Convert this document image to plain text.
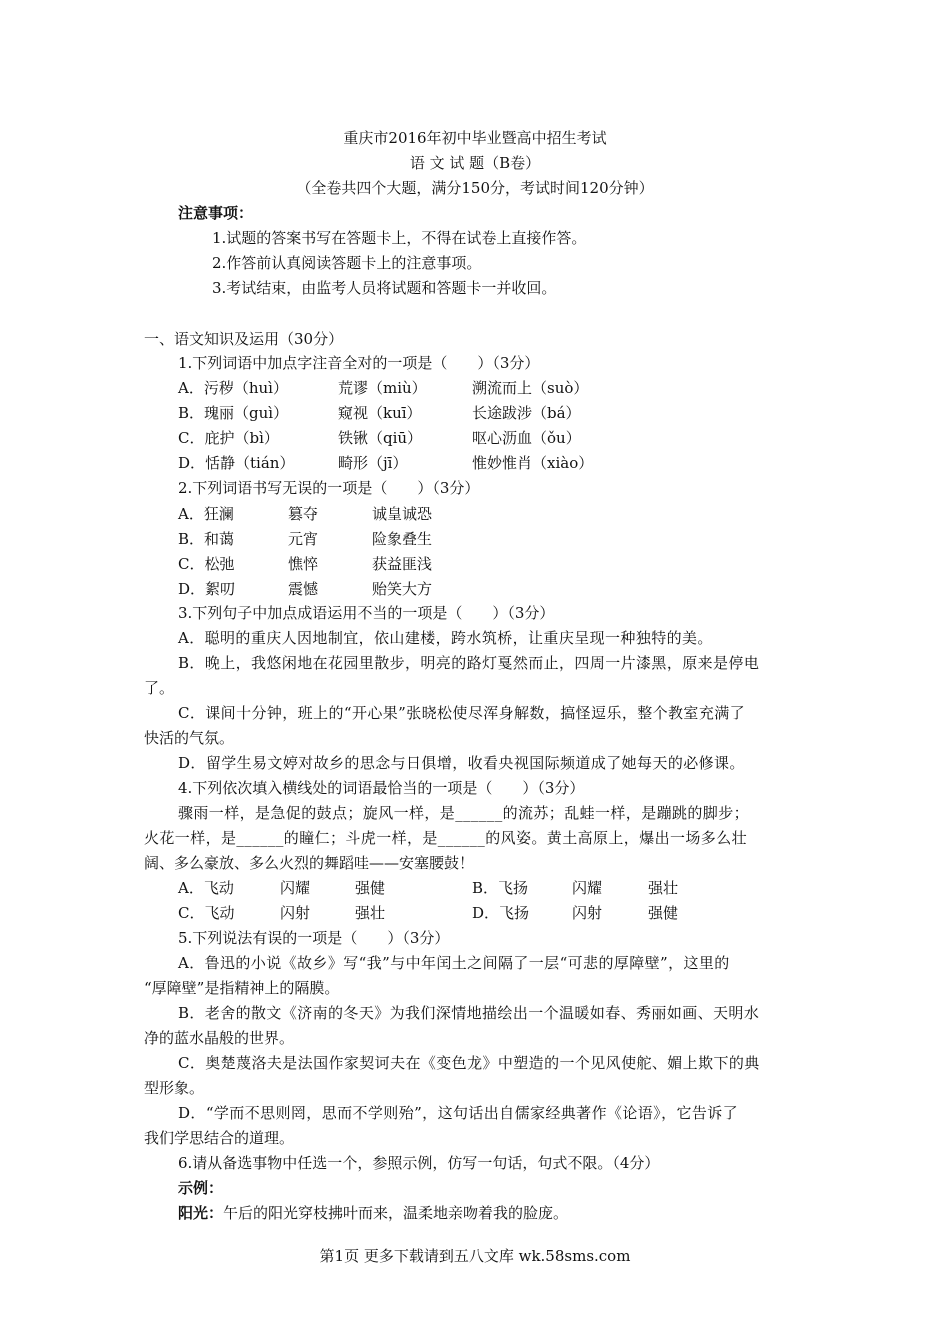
重庆市2016年初中毕业暨高中招生考试
语 文 试 题（B卷）
（全卷共四个大题，满分150分，考试时间120分钟）
注意事项：
1.试题的答案书写在答题卡上，不得在试卷上直接作答。
2.作答前认真阅读答题卡上的注意事项。
3.考试结束，由监考人员将试题和答题卡一并收回。
一、语文知识及运用（30分）
1.下列词语中加点字注音全对的一项是（　　）（3分）
A．污秽（huì）	荒谬（miù）	溯流而上（suò）
B．瑰丽（guì）	窥视（kuī）	长途跋涉（bá）
C．庇护（bì）	铁锹（qiū）	呕心沥血（ǒu）
D．恬静（tián）	畸形（jī）	惟妙惟肖（xiào）
2.下列词语书写无误的一项是（　　）（3分）
A．狂澜	篡夺	诚皇诚恐
B．和蔼	元宵	险象叠生
C．松弛	憔悴	获益匪浅
D．絮叨	震憾	贻笑大方
3.下列句子中加点成语运用不当的一项是（　　）（3分）
A．聪明的重庆人因地制宜，依山建楼，跨水筑桥，让重庆呈现一种独特的美。
B．晚上，我悠闲地在花园里散步，明亮的路灯戛然而止，四周一片漆黑，原来是停电
了。
C．课间十分钟，班上的“开心果”张晓松使尽浑身解数，搞怪逗乐，整个教室充满了
快活的气氛。
D．留学生易文婷对故乡的思念与日俱增，收看央视国际频道成了她每天的必修课。
4.下列依次填入横线处的词语最恰当的一项是（　　）（3分）
骤雨一样，是急促的鼓点；旋风一样，是______的流苏；乱蛙一样，是蹦跳的脚步；
火花一样，是______的瞳仁；斗虎一样，是______的风姿。黄土高原上，爆出一场多么壮
阔、多么豪放、多么火烈的舞蹈哇——安塞腰鼓！
A．飞动	闪耀	强健	B．飞扬	闪耀	强壮
C．飞动	闪射	强壮	D．飞扬	闪射	强健
5.下列说法有误的一项是（　　）（3分）
A．鲁迅的小说《故乡》写“我”与中年闰土之间隔了一层“可悲的厚障壁”，这里的
“厚障壁”是指精神上的隔膜。
B．老舍的散文《济南的冬天》为我们深情地描绘出一个温暖如春、秀丽如画、天明水
净的蓝水晶般的世界。
C．奥楚蔑洛夫是法国作家契诃夫在《变色龙》中塑造的一个见风使舵、媚上欺下的典
型形象。
D．“学而不思则罔，思而不学则殆”，这句话出自儒家经典著作《论语》，它告诉了
我们学思结合的道理。
6.请从备选事物中任选一个，参照示例，仿写一句话，句式不限。（4分）
示例：
阳光：午后的阳光穿枝拂叶而来，温柔地亲吻着我的脸庞。
第1页 更多下载请到五八文库 wk.58sms.com
